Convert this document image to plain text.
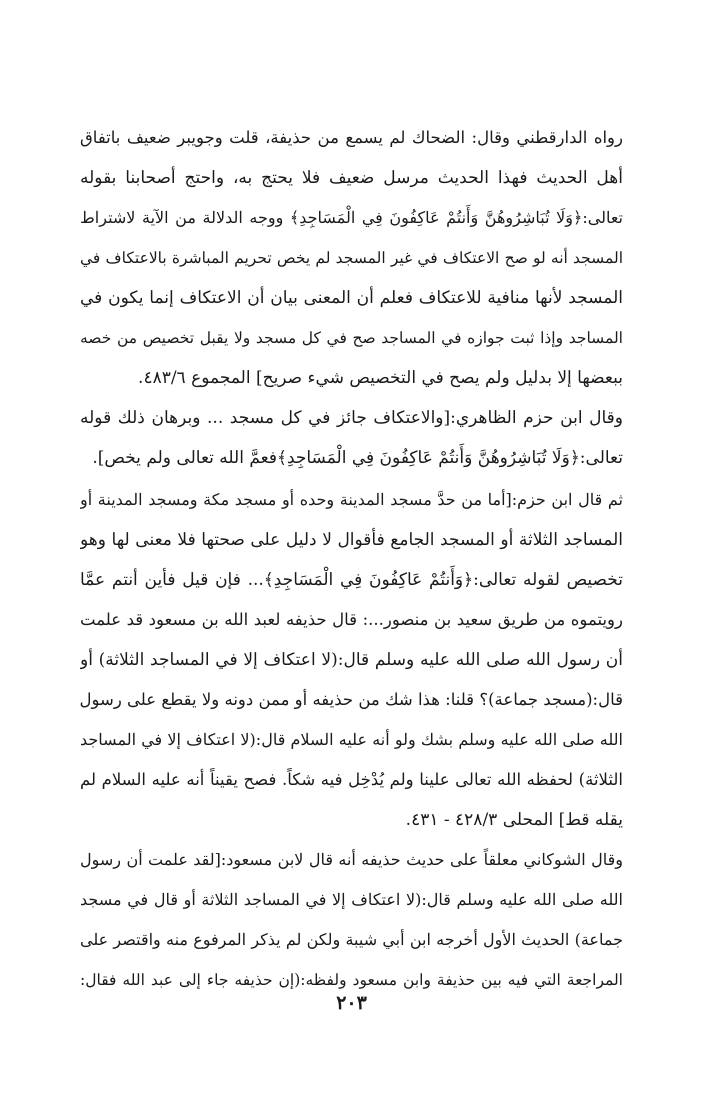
رواه الدارقطني وقال: الضحاك لم يسمع من حذيفة، قلت وجويبر ضعيف باتفاق
أهل الحديث فهذا الحديث مرسل ضعيف فلا يحتج به، واحتج أصحابنا بقوله
تعالى:﴿وَلَا تُبَاشِرُوهُنَّ وَأَنتُمْ عَاكِفُونَ فِي الْمَسَاجِدِ﴾ ووجه الدلالة من الآية لاشتراط
المسجد أنه لو صح الاعتكاف في غير المسجد لم يخص تحريم المباشرة بالاعتكاف في
المسجد لأنها منافية للاعتكاف فعلم أن المعنى بيان أن الاعتكاف إنما يكون في
المساجد وإذا ثبت جوازه في المساجد صح في كل مسجد ولا يقبل تخصيص من خصه
ببعضها إلا بدليل ولم يصح في التخصيص شيء صريح] المجموع ٤٨٣/٦.
وقال ابن حزم الظاهري:[والاعتكاف جائز في كل مسجد ... وبرهان ذلك قوله
تعالى:﴿وَلَا تُبَاشِرُوهُنَّ وَأَنتُمْ عَاكِفُونَ فِي الْمَسَاجِدِ﴾فعمَّ الله تعالى ولم يخص].
ثم قال ابن حزم:[أما من حدَّ مسجد المدينة وحده أو مسجد مكة ومسجد المدينة أو
المساجد الثلاثة أو المسجد الجامع فأقوال لا دليل على صحتها فلا معنى لها وهو
تخصيص لقوله تعالى:﴿وَأَنتُمْ عَاكِفُونَ فِي الْمَسَاجِدِ﴾... فإن قيل فأين أنتم عمَّا
رويتموه من طريق سعيد بن منصور...: قال حذيفه لعبد الله بن مسعود قد علمت
أن رسول الله صلى الله عليه وسلم قال:(لا اعتكاف إلا في المساجد الثلاثة) أو
قال:(مسجد جماعة)؟ قلنا: هذا شك من حذيفه أو ممن دونه ولا يقطع على رسول
الله صلى الله عليه وسلم بشك ولو أنه عليه السلام قال:(لا اعتكاف إلا في المساجد
الثلاثة) لحفظه الله تعالى علينا ولم يُدْخِل فيه شكاً. فصح يقيناً أنه عليه السلام لم
يقله قط] المحلى ٤٢٨/٣ - ٤٣١.
وقال الشوكاني معلقاً على حديث حذيفه أنه قال لابن مسعود:[لقد علمت أن رسول
الله صلى الله عليه وسلم قال:(لا اعتكاف إلا في المساجد الثلاثة أو قال في مسجد
جماعة) الحديث الأول أخرجه ابن أبي شيبة ولكن لم يذكر المرفوع منه واقتصر على
المراجعة التي فيه بين حذيفة وابن مسعود ولفظه:(إن حذيفه جاء إلى عبد الله فقال:
٢٠٣
